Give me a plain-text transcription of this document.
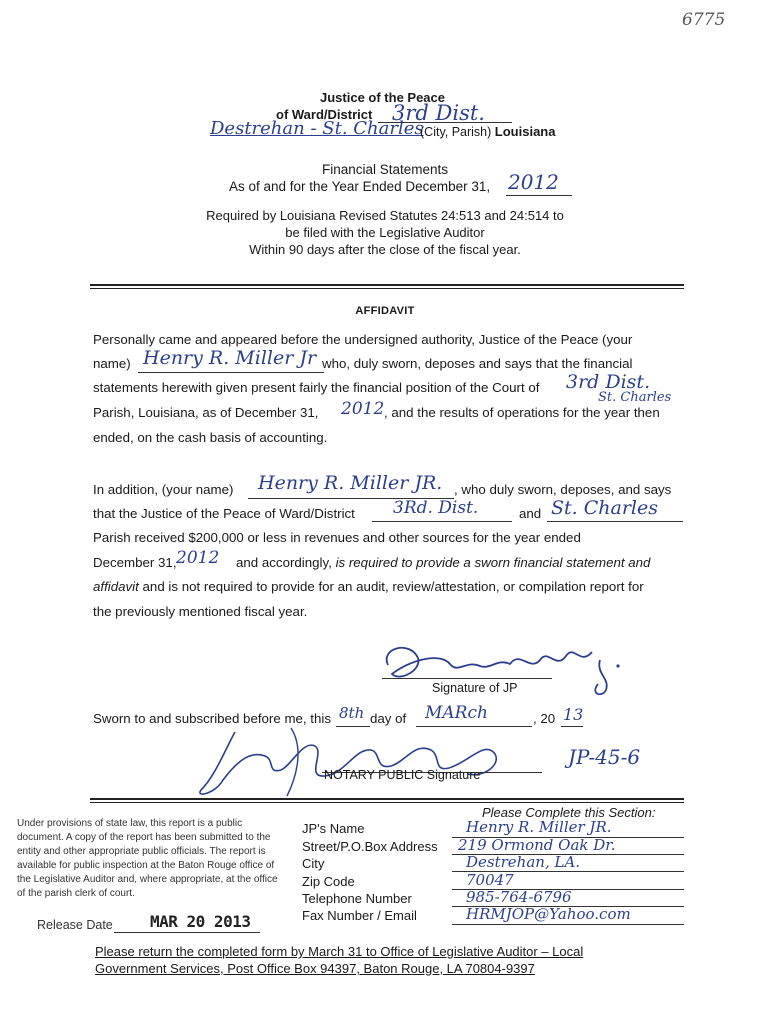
6775
Justice of the Peace
3rd Dist.
of Ward/District
Destrehan - St. Charles
(City, Parish) Louisiana
Financial Statements
As of and for the Year Ended December 31, 2012
Required by Louisiana Revised Statutes 24:513 and 24:514 to
be filed with the Legislative Auditor
Within 90 days after the close of the fiscal year.
AFFIDAVIT
Personally came and appeared before the undersigned authority, Justice of the Peace (your
name) Henry R. Miller Jr who, duly sworn, deposes and says that the financial
statements herewith given present fairly the financial position of the Court of 3rd Dist.
St. Charles
Parish, Louisiana, as of December 31, 2012 , and the results of operations for the year then
ended, on the cash basis of accounting.
In addition, (your name) Henry R. Miller JR. , who duly sworn, deposes, and says
that the Justice of the Peace of Ward/District 3Rd. Dist.	and St. Charles
Parish received $200,000 or less in revenues and other sources for the year ended
December 31, 2012 and accordingly, is required to provide a sworn financial statement and
affidavit and is not required to provide for an audit, review/attestation, or compilation report for
the previously mentioned fiscal year.
Signature of JP
Sworn to and subscribed before me, this 8th day of MARch	, 20 13
NOTARY PUBLIC Signature
JP-45-6
Under provisions of state law, this report is a public document. A copy of the report has been submitted to the entity and other appropriate public officials. The report is available for public inspection at the Baton Rouge office of the Legislative Auditor and, where appropriate, at the office of the parish clerk of court.
Release Date MAR 20 2013
Please Complete this Section:
JP's Name
Street/P.O.Box Address
City
Zip Code
Telephone Number
Fax Number / Email
Henry R. Miller JR.
219 Ormond Oak Dr.
Destrehan, LA.
70047
985-764-6796
HRMJOP@Yahoo.com
Please return the completed form by March 31 to Office of Legislative Auditor – Local
Government Services, Post Office Box 94397, Baton Rouge, LA 70804-9397
